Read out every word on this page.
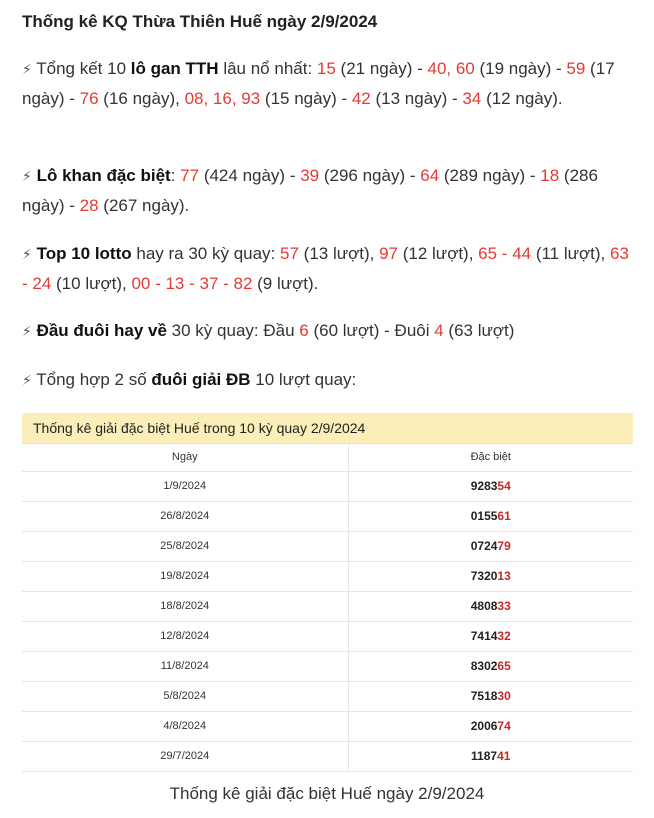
Thống kê KQ Thừa Thiên Huế ngày 2/9/2024
⚡ Tổng kết 10 lô gan TTH lâu nổ nhất: 15 (21 ngày) - 40, 60 (19 ngày) - 59 (17 ngày) - 76 (16 ngày), 08, 16, 93 (15 ngày) - 42 (13 ngày) - 34 (12 ngày).
⚡ Lô khan đặc biệt: 77 (424 ngày) - 39 (296 ngày) - 64 (289 ngày) - 18 (286 ngày) - 28 (267 ngày).
⚡ Top 10 lotto hay ra 30 kỳ quay: 57 (13 lượt), 97 (12 lượt), 65 - 44 (11 lượt), 63 - 24 (10 lượt), 00 - 13 - 37 - 82 (9 lượt).
⚡ Đầu đuôi hay về 30 kỳ quay: Đầu 6 (60 lượt) - Đuôi 4 (63 lượt)
⚡ Tổng hợp 2 số đuôi giải ĐB 10 lượt quay:
Thống kê giải đặc biệt Huế trong 10 kỳ quay 2/9/2024
Ngày	Đặc biệt
1/9/2024	928354
26/8/2024	015561
25/8/2024	072479
19/8/2024	732013
18/8/2024	480833
12/8/2024	741432
11/8/2024	830265
5/8/2024	751830
4/8/2024	200674
29/7/2024	118741
Thống kê giải đặc biệt Huế ngày 2/9/2024
